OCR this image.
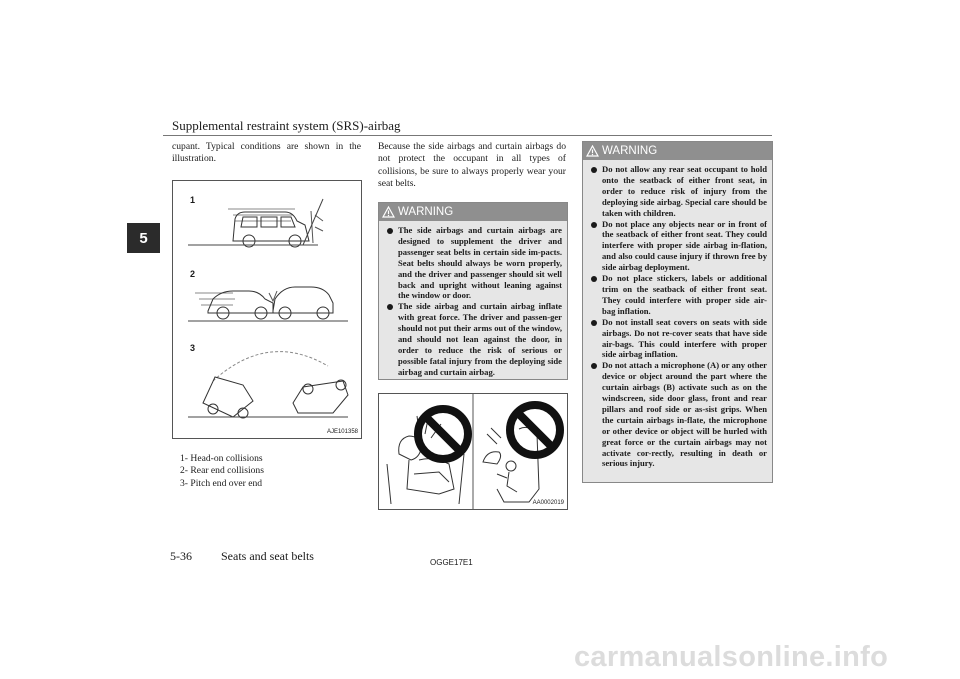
Supplemental restraint system (SRS)-airbag
5
cupant. Typical conditions are shown in the illustration.
1
2
3
AJE101358
1- Head-on collisions
2- Rear end collisions
3- Pitch end over end
Because the side airbags and curtain airbags do not protect the occupant in all types of collisions, be sure to always properly wear your seat belts.
WARNING
The side airbags and curtain airbags are designed to supplement the driver and passenger seat belts in certain side im-pacts. Seat belts should always be worn properly, and the driver and passenger should sit well back and upright without leaning against the window or door.
The side airbag and curtain airbag inflate with great force. The driver and passen-ger should not put their arms out of the window, and should not lean against the door, in order to reduce the risk of serious or possible fatal injury from the deploying side airbag and curtain airbag.
AA0002019
WARNING
Do not allow any rear seat occupant to hold onto the seatback of either front seat, in order to reduce risk of injury from the deploying side airbag. Special care should be taken with children.
Do not place any objects near or in front of the seatback of either front seat. They could interfere with proper side airbag in-flation, and also could cause injury if thrown free by side airbag deployment.
Do not place stickers, labels or additional trim on the seatback of either front seat. They could interfere with proper side air-bag inflation.
Do not install seat covers on seats with side airbags. Do not re-cover seats that have side air-bags. This could interfere with proper side airbag inflation.
Do not attach a microphone (A) or any other device or object around the part where the curtain airbags (B) activate such as on the windscreen, side door glass, front and rear pillars and roof side or as-sist grips. When the curtain airbags in-flate, the microphone or other device or object will be hurled with great force or the curtain airbags may not activate cor-rectly, resulting in death or serious injury.
5-36 Seats and seat belts	OGGE17E1
carmanualsonline.info
